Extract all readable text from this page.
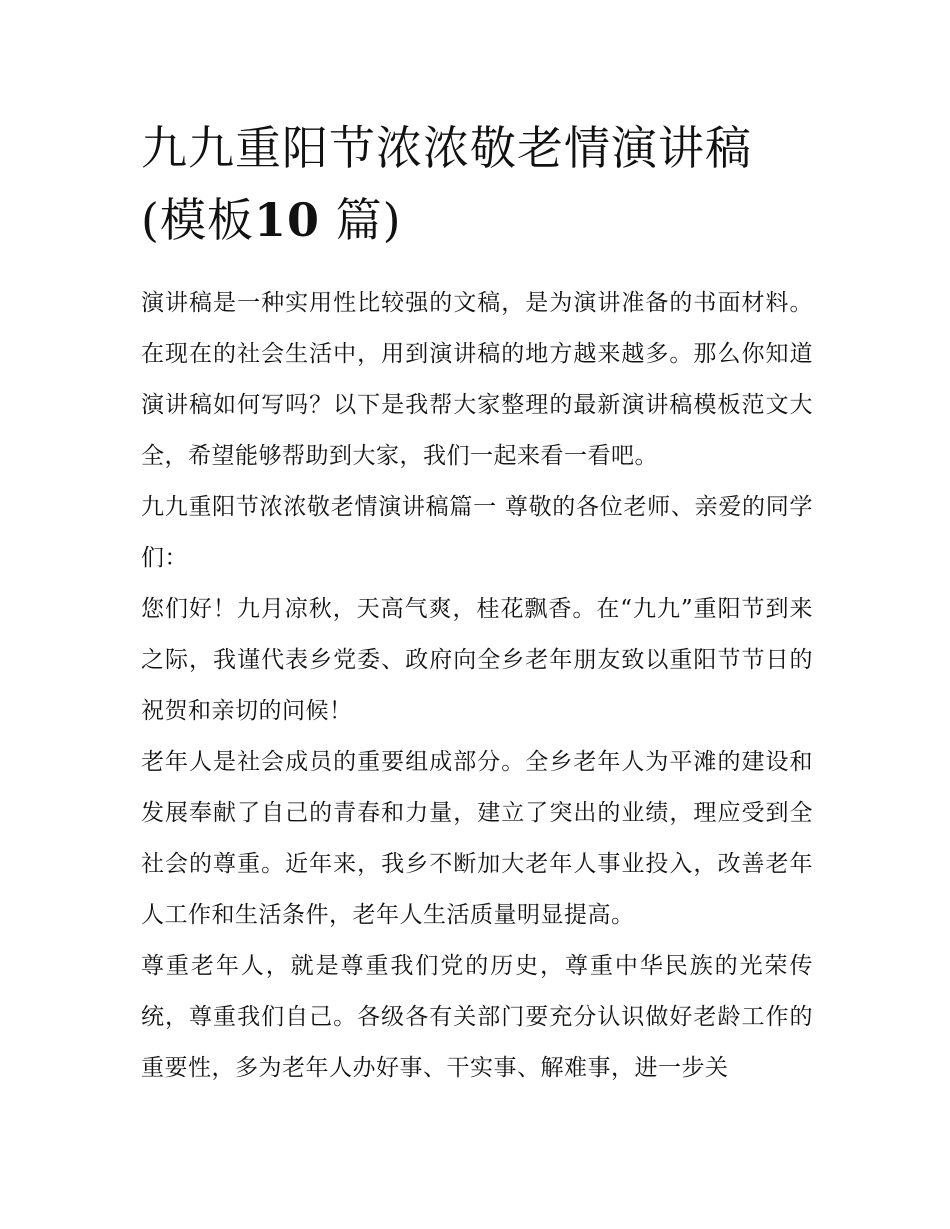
九九重阳节浓浓敬老情演讲稿
(模板10 篇)

演讲稿是一种实用性比较强的文稿，是为演讲准备的书面材料。在现在的社会生活中，用到演讲稿的地方越来越多。那么你知道演讲稿如何写吗？以下是我帮大家整理的最新演讲稿模板范文大全，希望能够帮助到大家，我们一起来看一看吧。

九九重阳节浓浓敬老情演讲稿篇一 尊敬的各位老师、亲爱的同学们：

您们好！九月凉秋，天高气爽，桂花飘香。在“九九”重阳节到来之际，我谨代表乡党委、政府向全乡老年朋友致以重阳节节日的祝贺和亲切的问候！

老年人是社会成员的重要组成部分。全乡老年人为平滩的建设和发展奉献了自己的青春和力量，建立了突出的业绩，理应受到全社会的尊重。近年来，我乡不断加大老年人事业投入，改善老年人工作和生活条件，老年人生活质量明显提高。

尊重老年人，就是尊重我们党的历史，尊重中华民族的光荣传统，尊重我们自己。各级各有关部门要充分认识做好老龄工作的重要性，多为老年人办好事、干实事、解难事，进一步关
